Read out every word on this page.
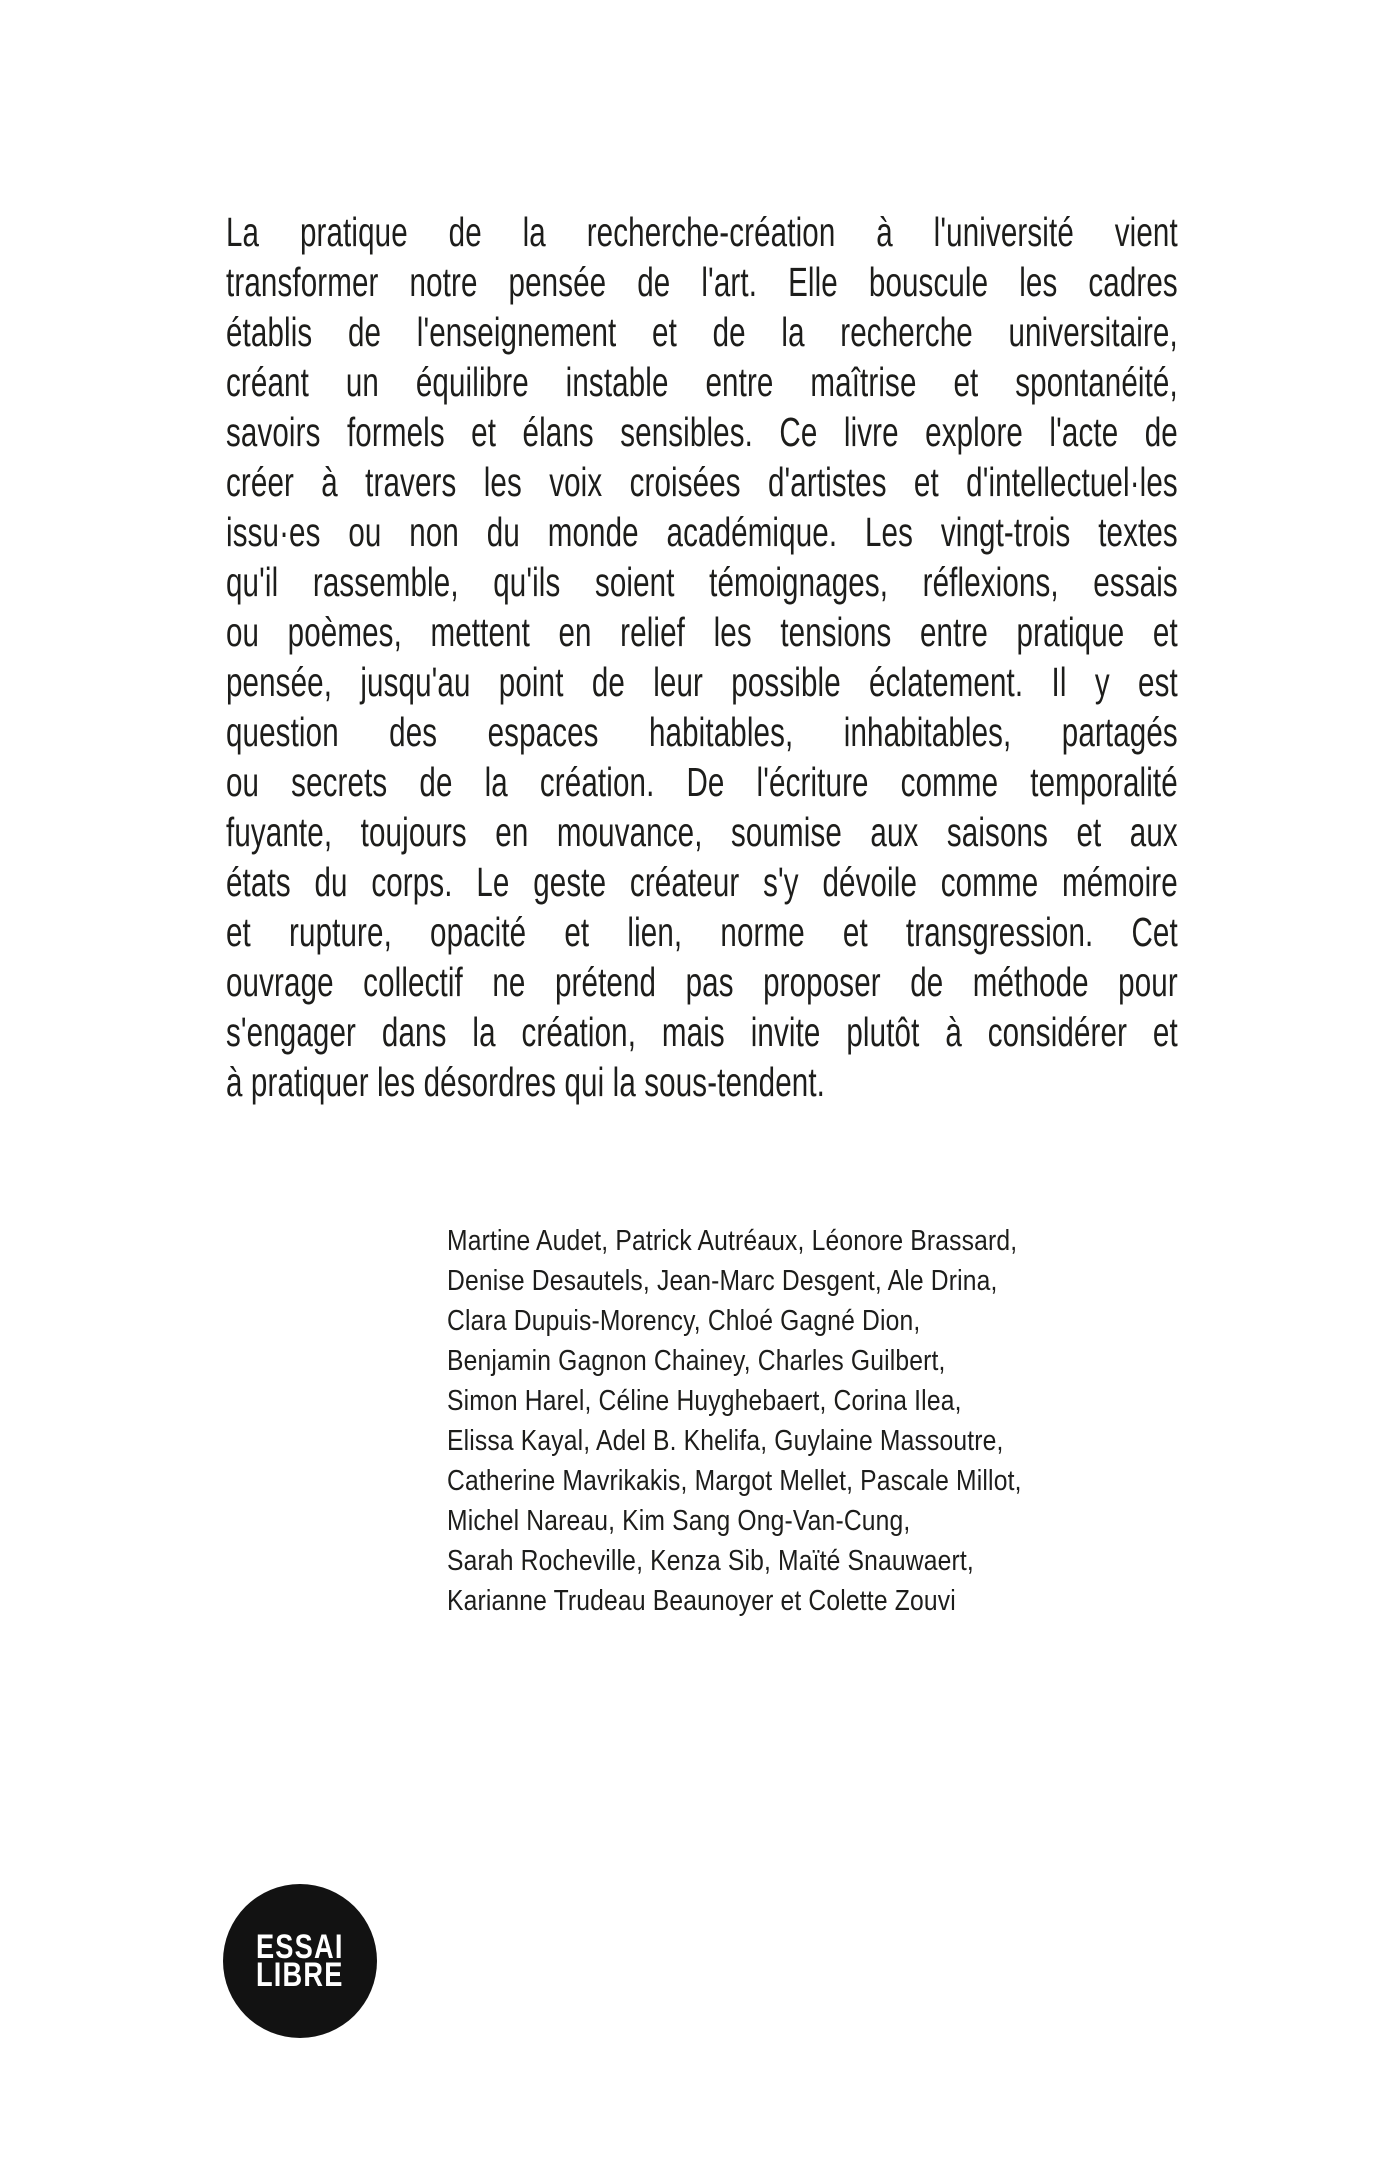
La pratique de la recherche-création à l'université vient
transformer notre pensée de l'art. Elle bouscule les cadres
établis de l'enseignement et de la recherche universitaire,
créant un équilibre instable entre maîtrise et spontanéité,
savoirs formels et élans sensibles. Ce livre explore l'acte de
créer à travers les voix croisées d'artistes et d'intellectuel·les
issu·es ou non du monde académique. Les vingt-trois textes
qu'il rassemble, qu'ils soient témoignages, réflexions, essais
ou poèmes, mettent en relief les tensions entre pratique et
pensée, jusqu'au point de leur possible éclatement. Il y est
question des espaces habitables, inhabitables, partagés
ou secrets de la création. De l'écriture comme temporalité
fuyante, toujours en mouvance, soumise aux saisons et aux
états du corps. Le geste créateur s'y dévoile comme mémoire
et rupture, opacité et lien, norme et transgression. Cet
ouvrage collectif ne prétend pas proposer de méthode pour
s'engager dans la création, mais invite plutôt à considérer et
à pratiquer les désordres qui la sous-tendent.
Martine Audet, Patrick Autréaux, Léonore Brassard,
Denise Desautels, Jean-Marc Desgent, Ale Drina,
Clara Dupuis-Morency, Chloé Gagné Dion,
Benjamin Gagnon Chainey, Charles Guilbert,
Simon Harel, Céline Huyghebaert, Corina Ilea,
Elissa Kayal, Adel B. Khelifa, Guylaine Massoutre,
Catherine Mavrikakis, Margot Mellet, Pascale Millot,
Michel Nareau, Kim Sang Ong-Van-Cung,
Sarah Rocheville, Kenza Sib, Maïté Snauwaert,
Karianne Trudeau Beaunoyer et Colette Zouvi
ESSAI
LIBRE
